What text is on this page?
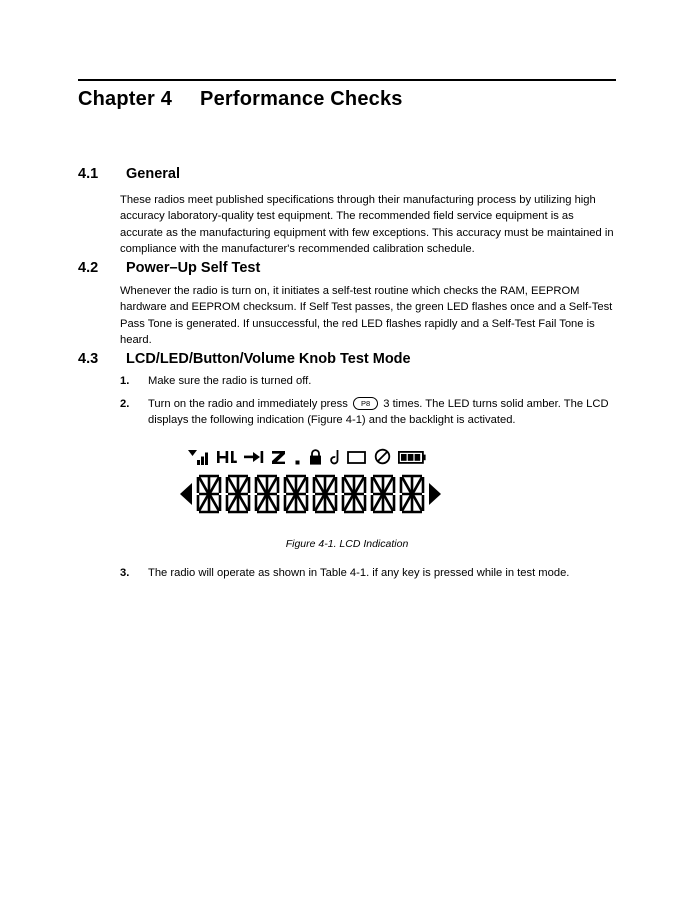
Chapter 4 Performance Checks
4.1 General
These radios meet published specifications through their manufacturing process by utilizing high accuracy laboratory-quality test equipment. The recommended field service equipment is as accurate as the manufacturing equipment with few exceptions. This accuracy must be maintained in compliance with the manufacturer's recommended calibration schedule.
4.2 Power–Up Self Test
Whenever the radio is turn on, it initiates a self-test routine which checks the RAM, EEPROM hardware and EEPROM checksum. If Self Test passes, the green LED flashes once and a Self-Test Pass Tone is generated. If unsuccessful, the red LED flashes rapidly and a Self-Test Fail Tone is heard.
4.3 LCD/LED/Button/Volume Knob Test Mode
1. Make sure the radio is turned off.
2. Turn on the radio and immediately press P8 3 times. The LED turns solid amber. The LCD displays the following indication (Figure 4-1) and the backlight is activated.
Figure 4-1. LCD Indication
3. The radio will operate as shown in Table 4-1. if any key is pressed while in test mode.
